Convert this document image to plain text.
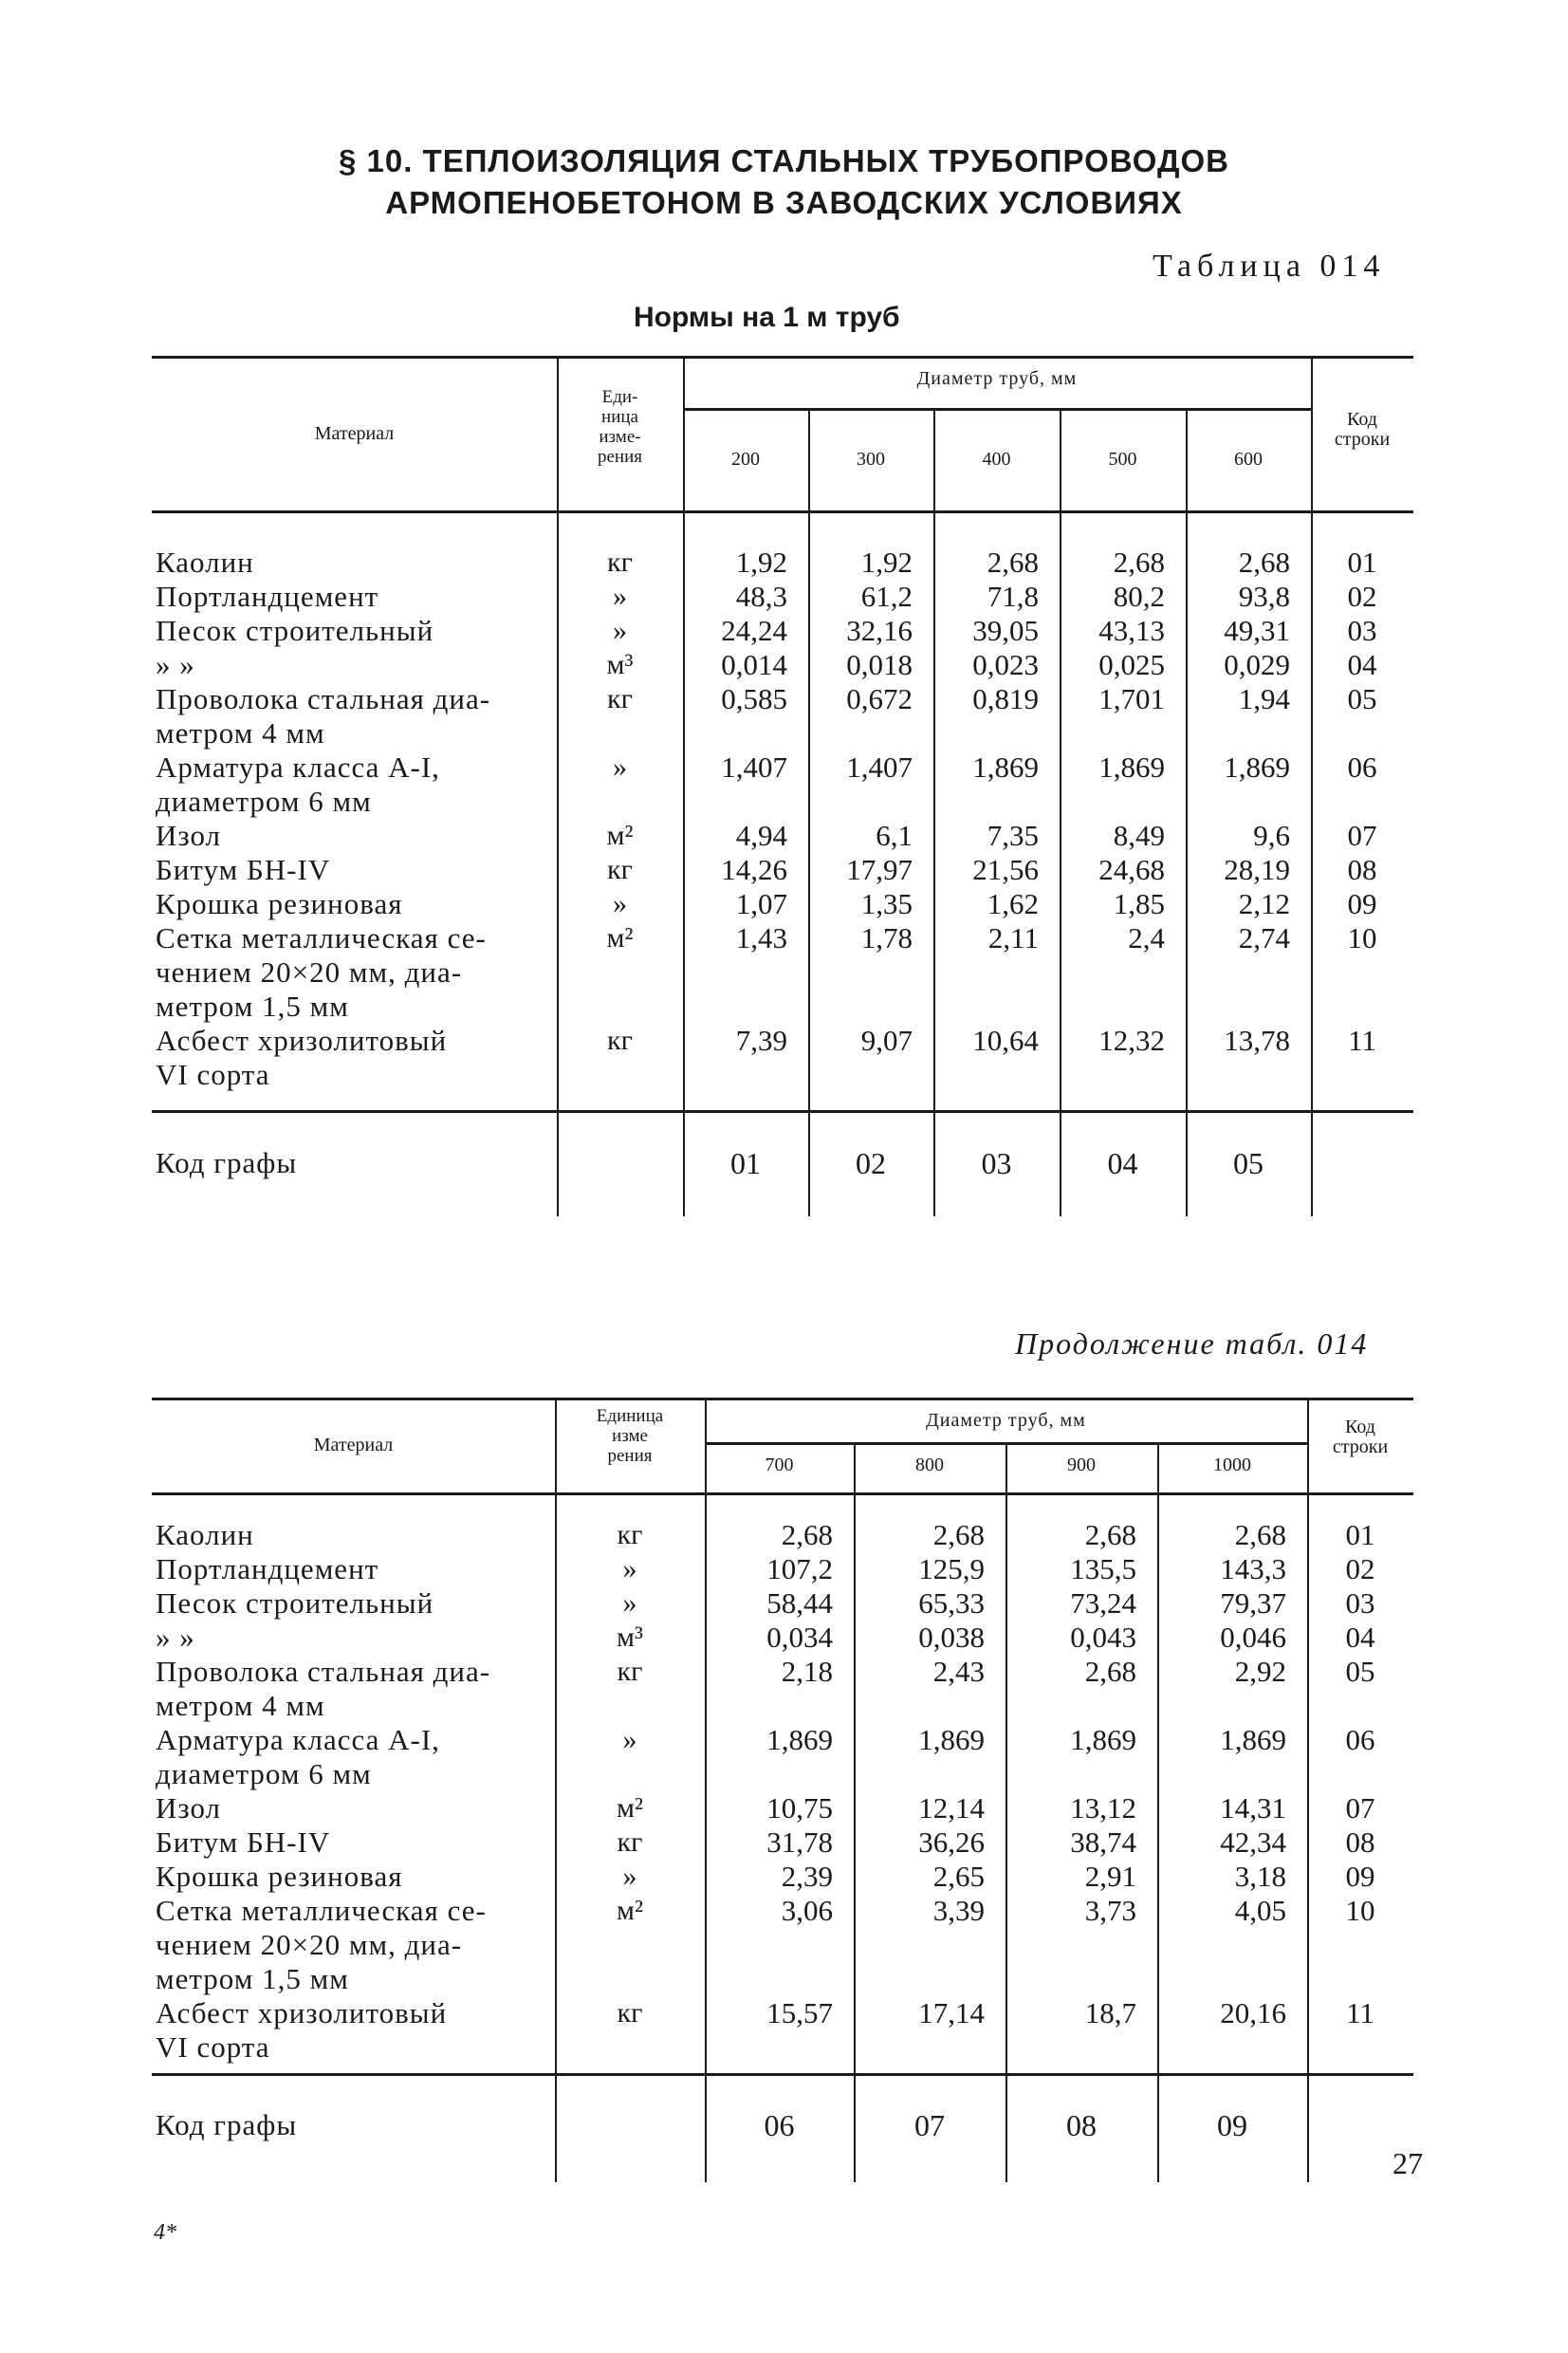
§ 10. ТЕПЛОИЗОЛЯЦИЯ СТАЛЬНЫХ ТРУБОПРОВОДОВ
АРМОПЕНОБЕТОНОМ В ЗАВОДСКИХ УСЛОВИЯХ
Таблица 014
Нормы на 1 м труб
Материал
Еди-
ница
изме-
рения
Диаметр труб, мм
200	300	400	500	600
Код
строки
Каолин	кг	1,92	1,92	2,68	2,68	2,68	01
Портландцемент	»	48,3	61,2	71,8	80,2	93,8	02
Песок строительный	»	24,24	32,16	39,05	43,13	49,31	03
» »	м³	0,014	0,018	0,023	0,025	0,029	04
Проволока стальная диа-
метром 4 мм
кг	0,585	0,672	0,819	1,701	1,94	05
Арматура класса А-I,
диаметром 6 мм
»	1,407	1,407	1,869	1,869	1,869	06
Изол	м²	4,94	6,1	7,35	8,49	9,6	07
Битум БН-IV	кг	14,26	17,97	21,56	24,68	28,19	08
Крошка резиновая	»	1,07	1,35	1,62	1,85	2,12	09
Сетка металлическая се-
чением 20×20 мм, диа-
метром 1,5 мм
м²	1,43	1,78	2,11	2,4	2,74	10
Асбест хризолитовый
VI сорта
кг	7,39	9,07	10,64	12,32	13,78	11
Код графы	01	02	03	04	05
Продолжение табл. 014
Материал
Единица
изме
рения
Диаметр труб, мм
700	800	900	1000
Код
строки
Каолин	кг	2,68	2,68	2,68	2,68	01
Портландцемент	»	107,2	125,9	135,5	143,3	02
Песок строительный	»	58,44	65,33	73,24	79,37	03
» »	м³	0,034	0,038	0,043	0,046	04
Проволока стальная диа-
метром 4 мм
кг	2,18	2,43	2,68	2,92	05
Арматура класса А-I,
диаметром 6 мм
»	1,869	1,869	1,869	1,869	06
Изол	м²	10,75	12,14	13,12	14,31	07
Битум БН-IV	кг	31,78	36,26	38,74	42,34	08
Крошка резиновая	»	2,39	2,65	2,91	3,18	09
Сетка металлическая се-
чением 20×20 мм, диа-
метром 1,5 мм
м²	3,06	3,39	3,73	4,05	10
Асбест хризолитовый
VI сорта
кг	15,57	17,14	18,7	20,16	11
Код графы	06	07	08	09
27
4*
